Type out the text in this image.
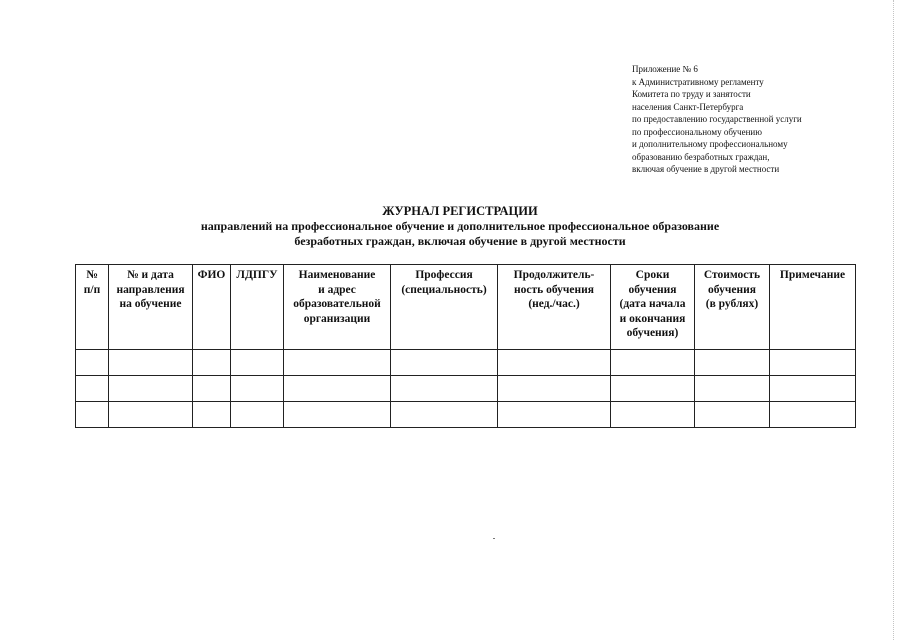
Приложение № 6
к Административному регламенту
Комитета по труду и занятости
населения Санкт-Петербурга
по предоставлению государственной услуги
по профессиональному обучению
и дополнительному профессиональному
образованию безработных граждан,
включая обучение в другой местности
ЖУРНАЛ РЕГИСТРАЦИИ
направлений на профессиональное обучение и дополнительное профессиональное образование
безработных граждан, включая обучение в другой местности
№
п/п	№ и дата
направления
на обучение	ФИО	ЛДПГУ	Наименование
и адрес
образовательной
организации	Профессия
(специальность)	Продолжитель-
ность обучения
(нед./час.)	Сроки
обучения
(дата начала
и окончания
обучения)	Стоимость
обучения
(в рублях)	Примечание
